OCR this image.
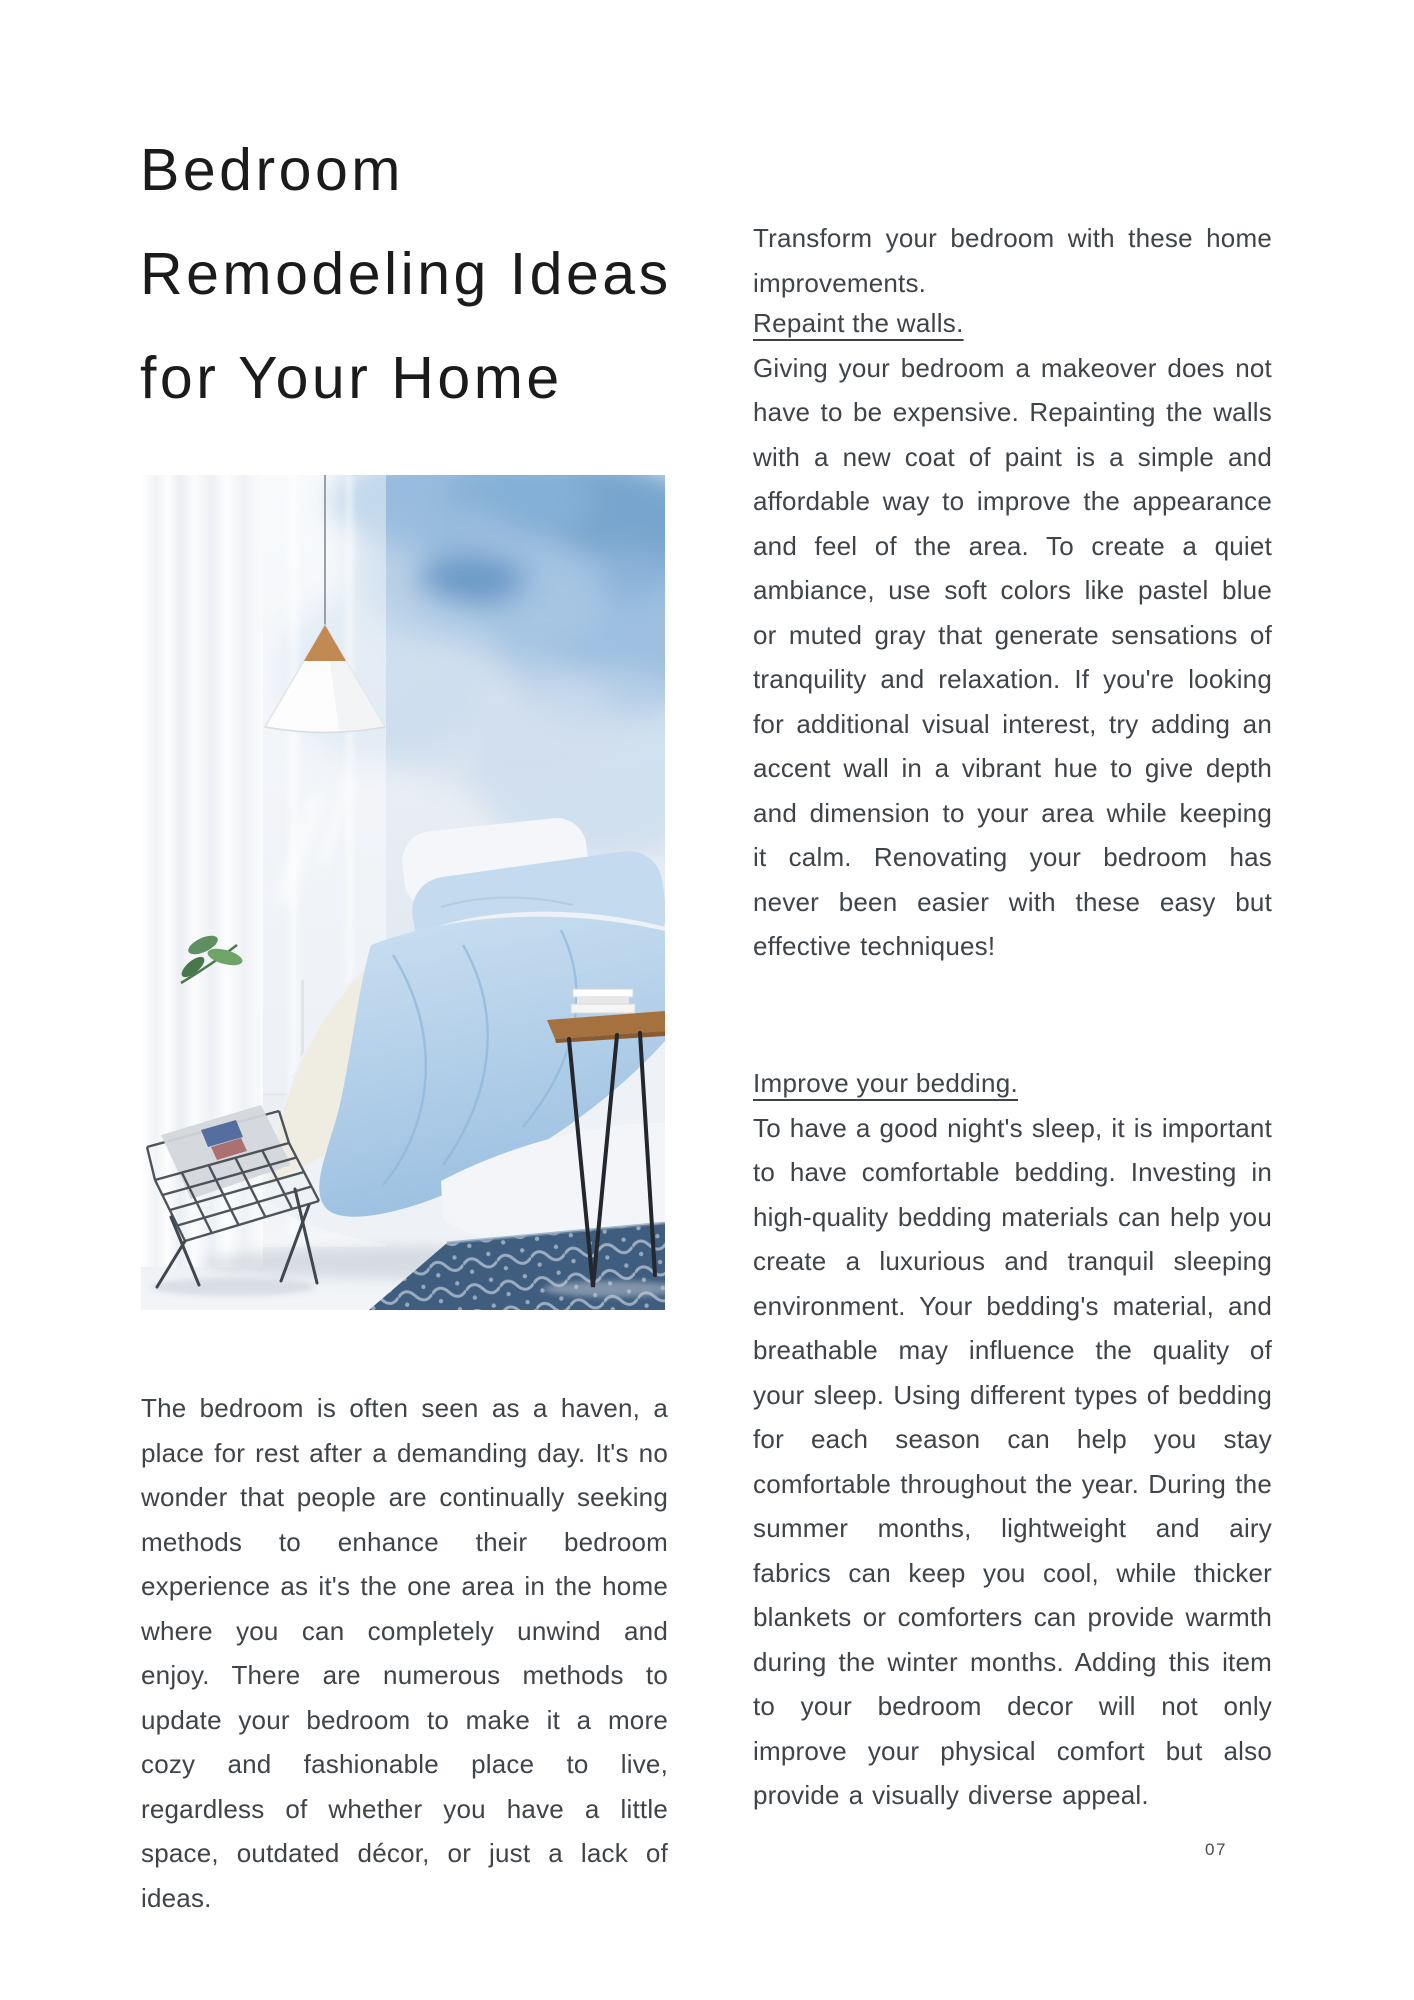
Bedroom
Remodeling Ideas
for Your Home

The bedroom is often seen as a haven, a place for rest after a demanding day. It's no wonder that people are continually seeking methods to enhance their bedroom experience as it's the one area in the home where you can completely unwind and enjoy. There are numerous methods to update your bedroom to make it a more cozy and fashionable place to live, regardless of whether you have a little space, outdated décor, or just a lack of ideas.

Transform your bedroom with these home improvements.

Repaint the walls.

Giving your bedroom a makeover does not have to be expensive. Repainting the walls with a new coat of paint is a simple and affordable way to improve the appearance and feel of the area. To create a quiet ambiance, use soft colors like pastel blue or muted gray that generate sensations of tranquility and relaxation. If you're looking for additional visual interest, try adding an accent wall in a vibrant hue to give depth and dimension to your area while keeping it calm. Renovating your bedroom has never been easier with these easy but effective techniques!

Improve your bedding.

To have a good night's sleep, it is important to have comfortable bedding. Investing in high-quality bedding materials can help you create a luxurious and tranquil sleeping environment. Your bedding's material, and breathable may influence the quality of your sleep. Using different types of bedding for each season can help you stay comfortable throughout the year. During the summer months, lightweight and airy fabrics can keep you cool, while thicker blankets or comforters can provide warmth during the winter months. Adding this item to your bedroom decor will not only improve your physical comfort but also provide a visually diverse appeal.

07
